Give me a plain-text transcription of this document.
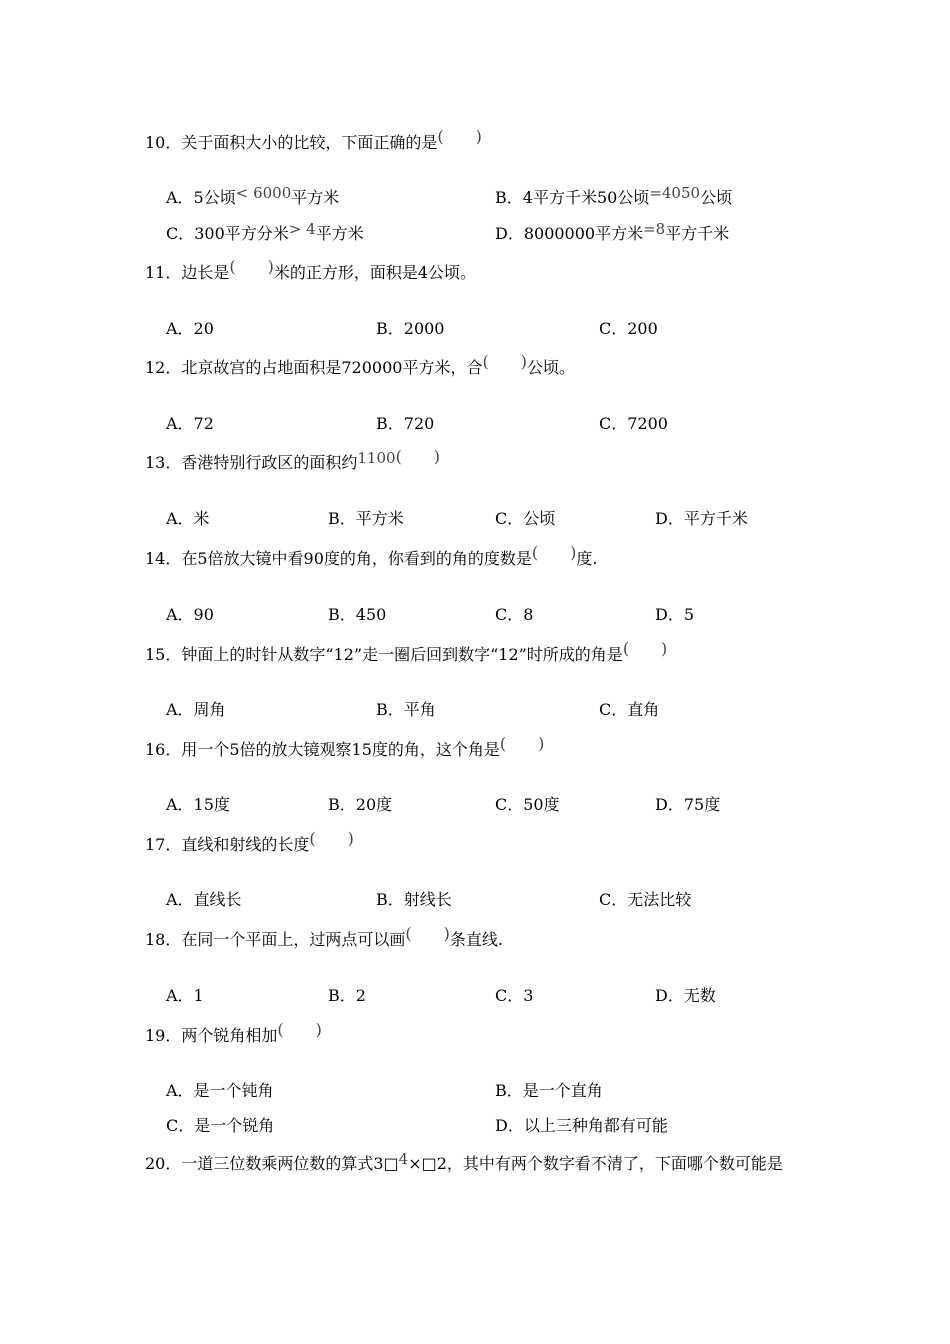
10．关于面积大小的比较，下面正确的是(　　)
A．5公顷< 6000平方米	B．4平方千米50公顷=4050公顷
C．300平方分米> 4平方米	D．8000000平方米=8平方千米
11．边长是(　　)米的正方形，面积是4公顷。
A．20	B．2000	C．200
12．北京故宫的占地面积是720000平方米，合(　　)公顷。
A．72	B．720	C．7200
13．香港特别行政区的面积约1100(　　)
A．米	B．平方米	C．公顷	D．平方千米
14．在5倍放大镜中看90度的角，你看到的角的度数是(　　)度.
A．90	B．450	C．8	D．5
15．钟面上的时针从数字“12”走一圈后回到数字“12”时所成的角是(　　)
A．周角	B．平角	C．直角
16．用一个5倍的放大镜观察15度的角，这个角是(　　)
A．15度	B．20度	C．50度	D．75度
17．直线和射线的长度(　　)
A．直线长	B．射线长	C．无法比较
18．在同一个平面上，过两点可以画(　　)条直线.
A．1	B．2	C．3	D．无数
19．两个锐角相加(　　)
A．是一个钝角	B．是一个直角
C．是一个锐角	D．以上三种角都有可能
20．一道三位数乘两位数的算式3□4×□2，其中有两个数字看不清了，下面哪个数可能是
